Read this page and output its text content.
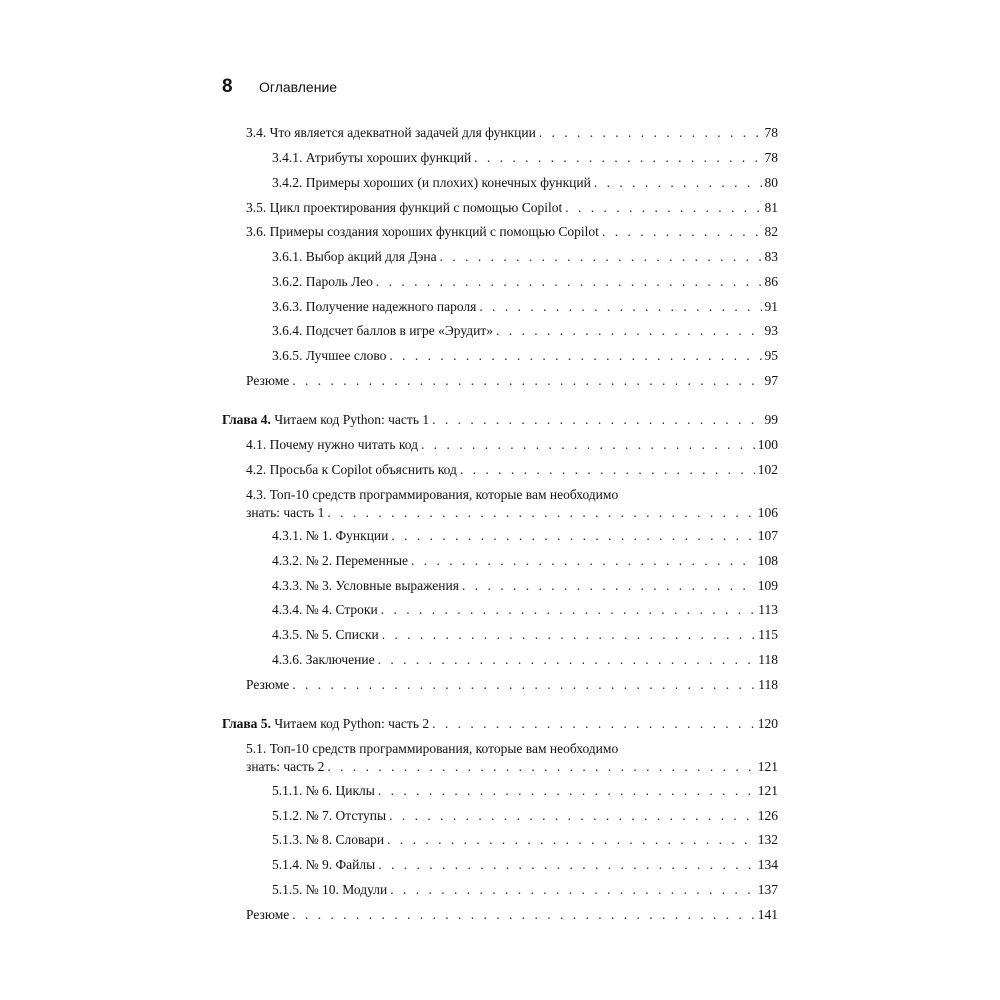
8	Оглавление
3.4. Что является адекватной задачей для функции . . .	78
3.4.1. Атрибуты хороших функций . . .	78
3.4.2. Примеры хороших (и плохих) конечных функций . . .	80
3.5. Цикл проектирования функций с помощью Copilot . . .	81
3.6. Примеры создания хороших функций с помощью Copilot . . .	82
3.6.1. Выбор акций для Дэна . . .	83
3.6.2. Пароль Лео . . .	86
3.6.3. Получение надежного пароля . . .	91
3.6.4. Подсчет баллов в игре «Эрудит» . . .	93
3.6.5. Лучшее слово . . .	95
Резюме . . .	97
Глава 4. Читаем код Python: часть 1 . . .	99
4.1. Почему нужно читать код . . .	100
4.2. Просьба к Copilot объяснить код . . .	102
4.3. Топ-10 средств программирования, которые вам необходимо
знать: часть 1 . . .	106
4.3.1. № 1. Функции . . .	107
4.3.2. № 2. Переменные . . .	108
4.3.3. № 3. Условные выражения . . .	109
4.3.4. № 4. Строки . . .	113
4.3.5. № 5. Списки . . .	115
4.3.6. Заключение . . .	118
Резюме . . .	118
Глава 5. Читаем код Python: часть 2 . . .	120
5.1. Топ-10 средств программирования, которые вам необходимо
знать: часть 2 . . .	121
5.1.1. № 6. Циклы . . .	121
5.1.2. № 7. Отступы . . .	126
5.1.3. № 8. Словари . . .	132
5.1.4. № 9. Файлы . . .	134
5.1.5. № 10. Модули . . .	137
Резюме . . .	141
